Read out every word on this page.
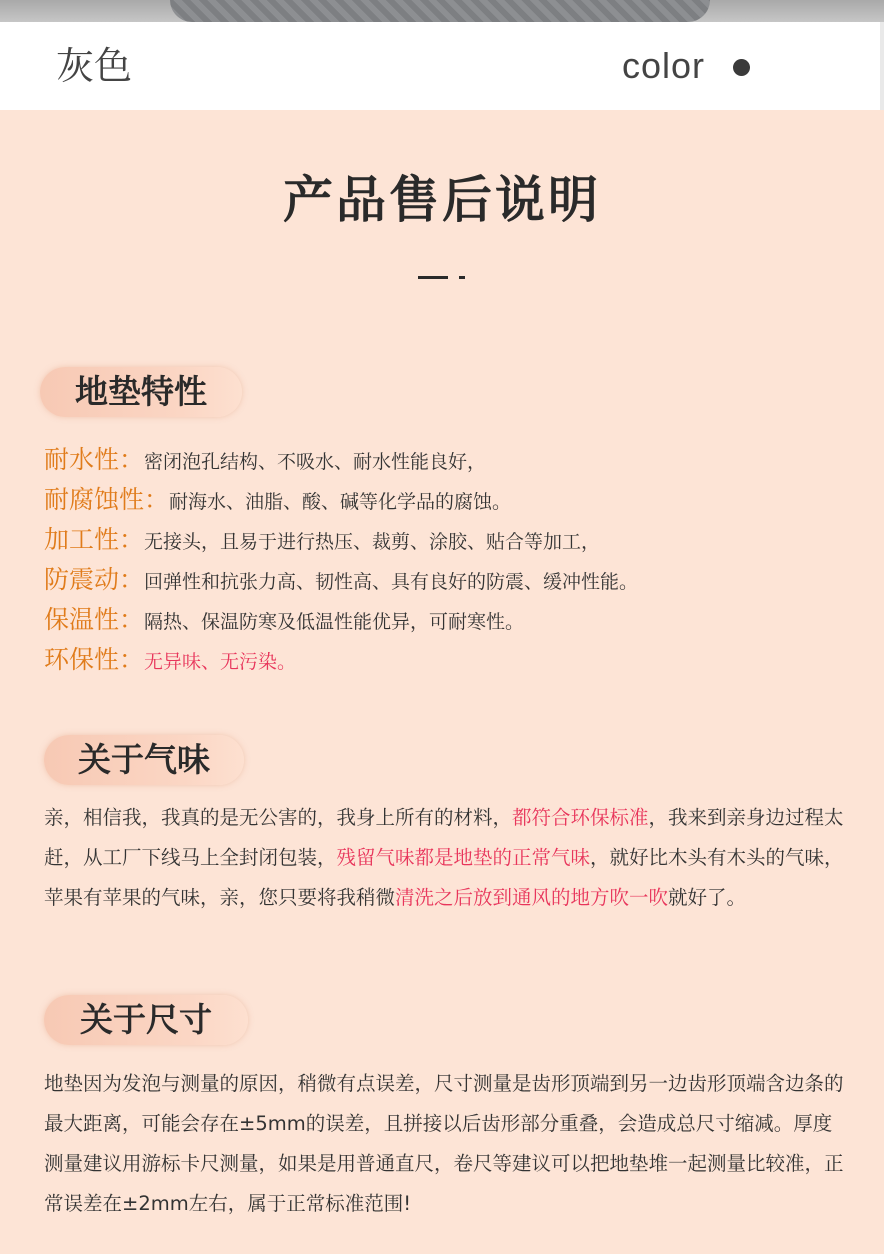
灰色	color
产品售后说明
地垫特性
耐水性：密闭泡孔结构、不吸水、耐水性能良好，
耐腐蚀性：耐海水、油脂、酸、碱等化学品的腐蚀。
加工性：无接头，且易于进行热压、裁剪、涂胶、贴合等加工，
防震动：回弹性和抗张力高、韧性高、具有良好的防震、缓冲性能。
保温性：隔热、保温防寒及低温性能优异，可耐寒性。
环保性：无异味、无污染。
关于气味

亲，相信我，我真的是无公害的，我身上所有的材料，都符合环保标准，我来到亲身边过程太赶，从工厂下线马上全封闭包装，残留气味都是地垫的正常气味，就好比木头有木头的气味，苹果有苹果的气味，亲，您只要将我稍微清洗之后放到通风的地方吹一吹就好了。

关于尺寸

地垫因为发泡与测量的原因，稍微有点误差，尺寸测量是齿形顶端到另一边齿形顶端含边条的最大距离，可能会存在±5mm的误差，且拼接以后齿形部分重叠，会造成总尺寸缩减。厚度测量建议用游标卡尺测量，如果是用普通直尺，卷尺等建议可以把地垫堆一起测量比较准，正常误差在±2mm左右，属于正常标准范围!
